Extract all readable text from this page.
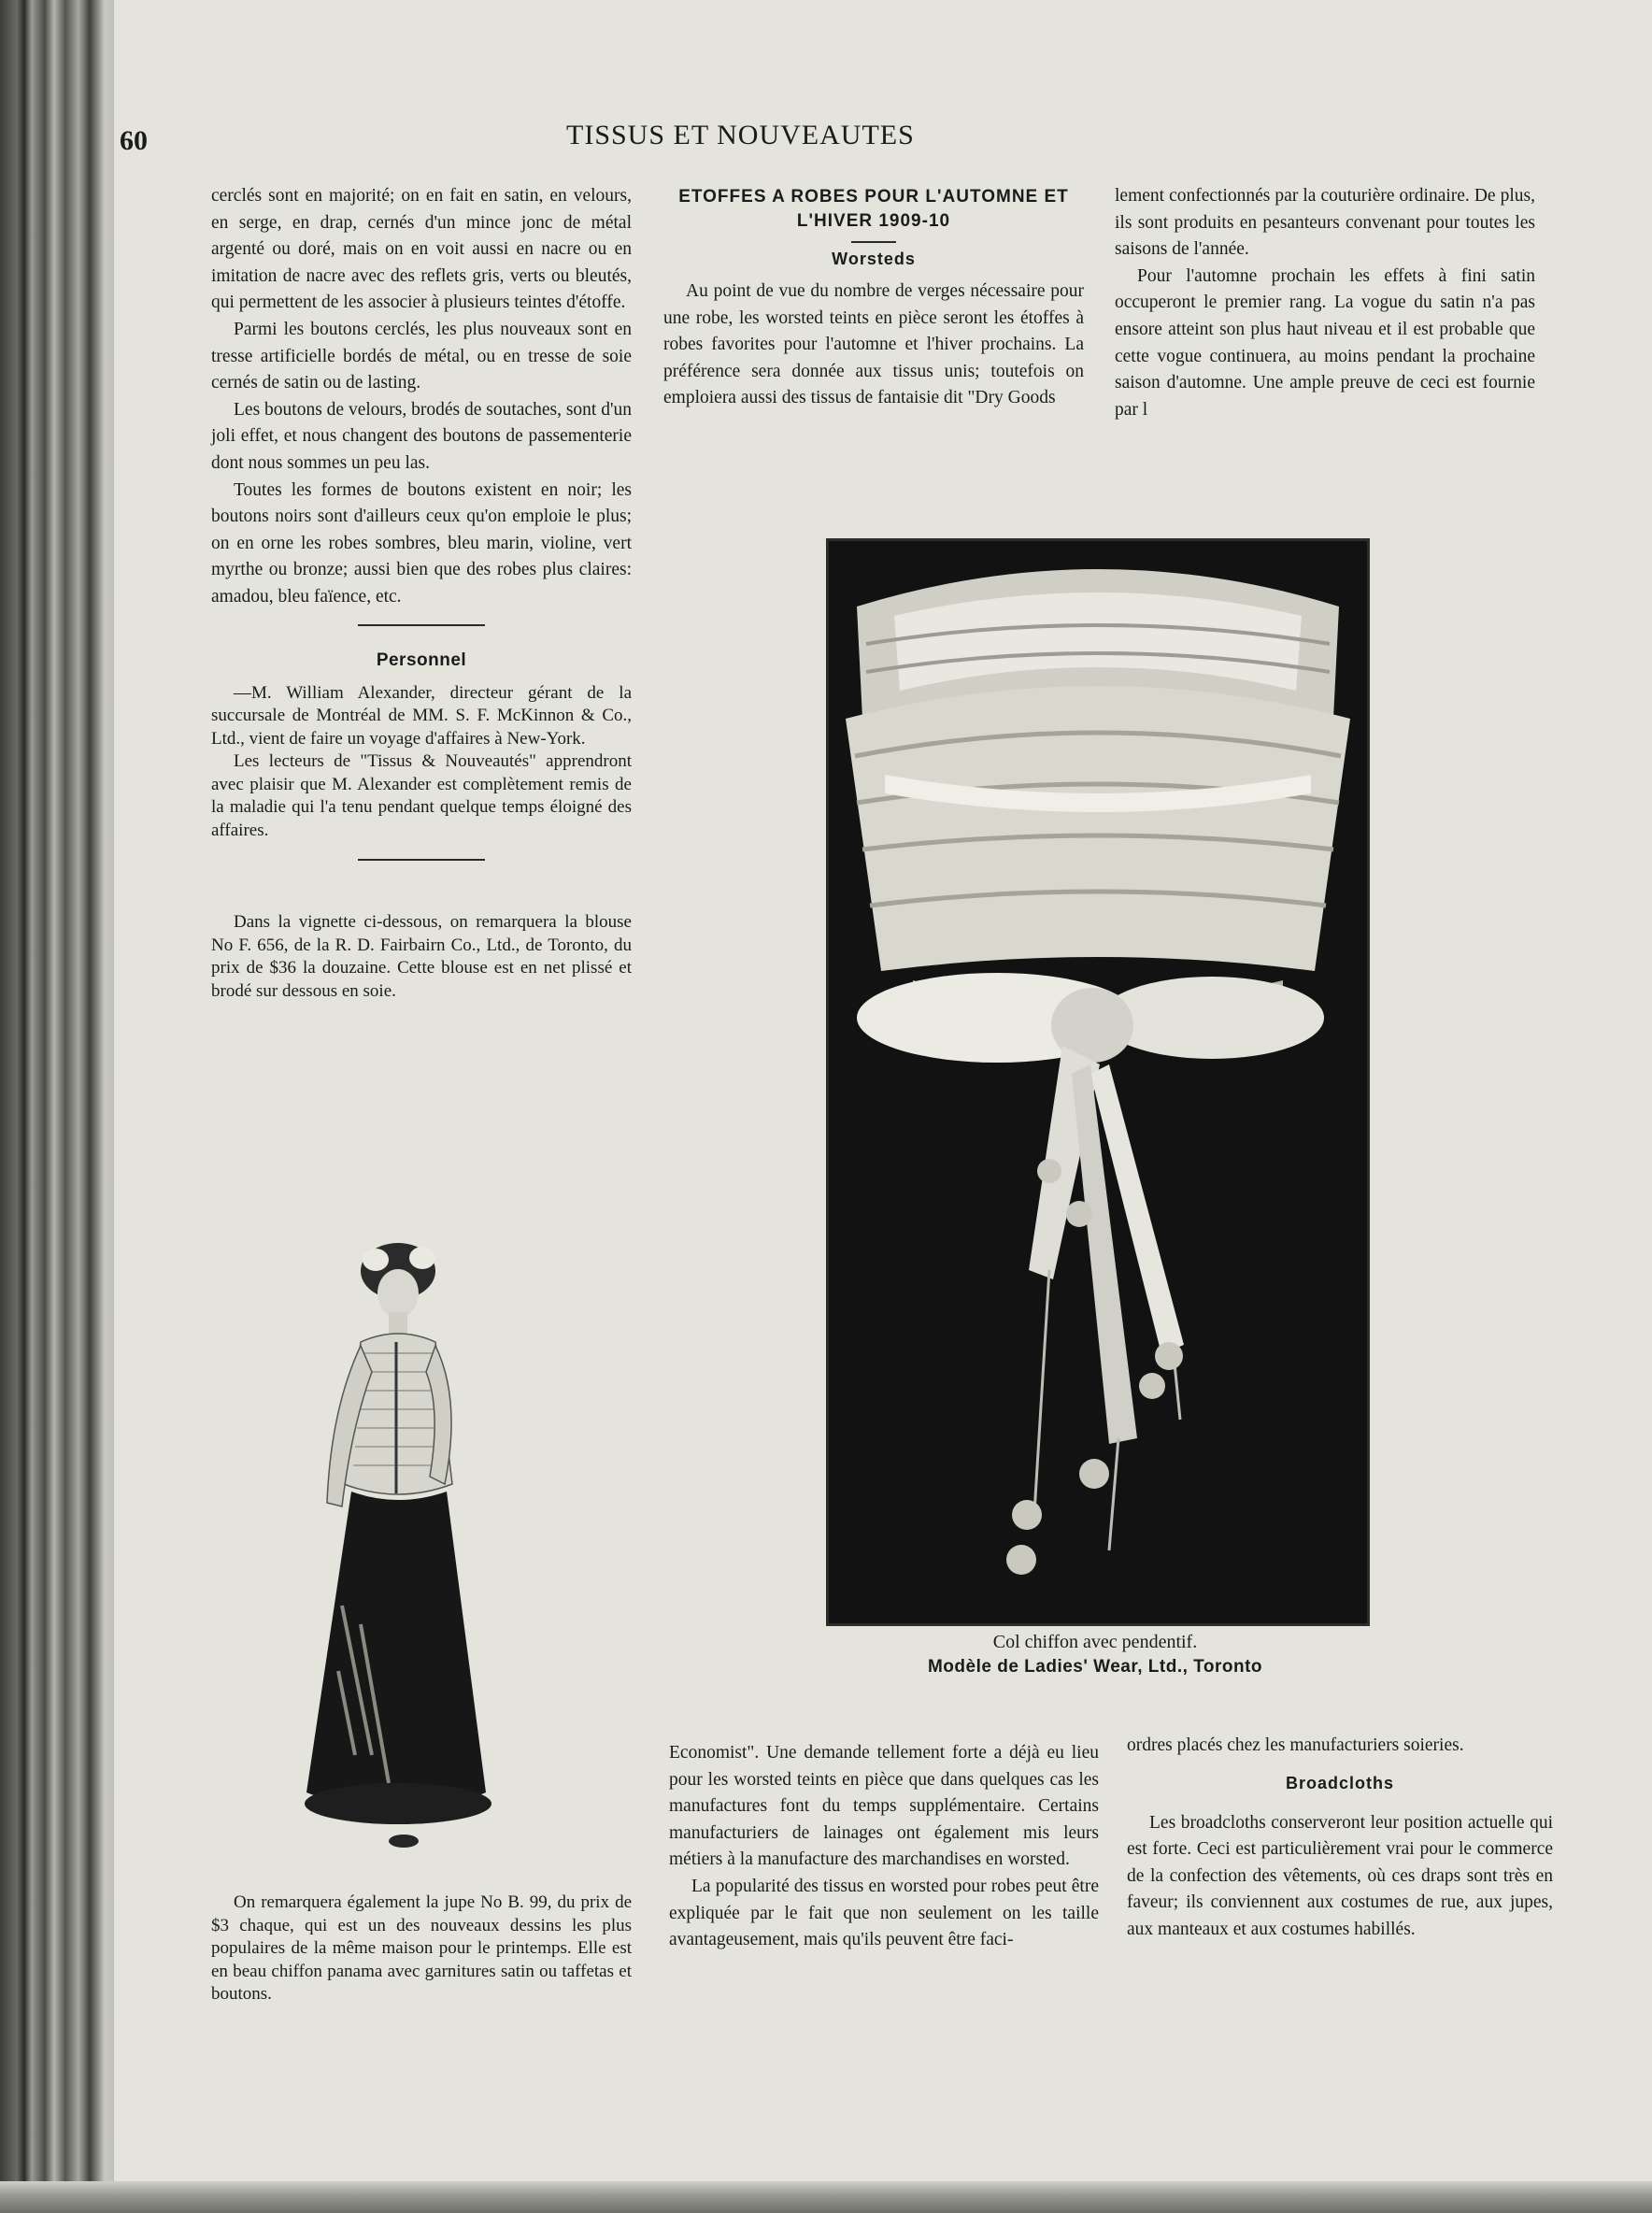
60	TISSUS ET NOUVEAUTES

cerclés sont en majorité; on en fait en satin, en velours, en serge, en drap, cernés d'un mince jonc de métal argenté ou doré, mais on en voit aussi en nacre ou en imitation de nacre avec des reflets gris, verts ou bleutés, qui permettent de les associer à plusieurs teintes d'étoffe.

Parmi les boutons cerclés, les plus nouveaux sont en tresse artificielle bordés de métal, ou en tresse de soie cernés de satin ou de lasting.

Les boutons de velours, brodés de soutaches, sont d'un joli effet, et nous changent des boutons de passementerie dont nous sommes un peu las.

Toutes les formes de boutons existent en noir; les boutons noirs sont d'ailleurs ceux qu'on emploie le plus; on en orne les robes sombres, bleu marin, violine, vert myrthe ou bronze; aussi bien que des robes plus claires: amadou, bleu faïence, etc.

Personnel

—M. William Alexander, directeur gérant de la succursale de Montréal de MM. S. F. McKinnon & Co., Ltd., vient de faire un voyage d'affaires à New-York.

Les lecteurs de "Tissus & Nouveautés" apprendront avec plaisir que M. Alexander est complètement remis de la maladie qui l'a tenu pendant quelque temps éloigné des affaires.

Dans la vignette ci-dessous, on remarquera la blouse No F. 656, de la R. D. Fairbairn Co., Ltd., de Toronto, du prix de $36 la douzaine. Cette blouse est en net plissé et brodé sur dessous en soie.

On remarquera également la jupe No B. 99, du prix de $3 chaque, qui est un des nouveaux dessins les plus populaires de la même maison pour le printemps. Elle est en beau chiffon panama avec garnitures satin ou taffetas et boutons.

ETOFFES A ROBES POUR L'AUTOMNE ET L'HIVER 1909-10
Worsteds

Au point de vue du nombre de verges nécessaire pour une robe, les worsted teints en pièce seront les étoffes à robes favorites pour l'automne et l'hiver prochains. La préférence sera donnée aux tissus unis; toutefois on emploiera aussi des tissus de fantaisie dit "Dry Goods

lement confectionnés par la couturière ordinaire. De plus, ils sont produits en pesanteurs convenant pour toutes les saisons de l'année.

Pour l'automne prochain les effets à fini satin occuperont le premier rang. La vogue du satin n'a pas ensore atteint son plus haut niveau et il est probable que cette vogue continuera, au moins pendant la prochaine saison d'automne. Une ample preuve de ceci est fournie par l

Col chiffon avec pendentif.
Modèle de Ladies' Wear, Ltd., Toronto

Economist". Une demande tellement forte a déjà eu lieu pour les worsted teints en pièce que dans quelques cas les manufactures font du temps supplémentaire. Certains manufacturiers de lainages ont également mis leurs métiers à la manufacture des marchandises en worsted.

La popularité des tissus en worsted pour robes peut être expliquée par le fait que non seulement on les taille avantageusement, mais qu'ils peuvent être faci-

ordres placés chez les manufacturiers soieries.

Broadcloths

Les broadcloths conserveront leur position actuelle qui est forte. Ceci est particulièrement vrai pour le commerce de la confection des vêtements, où ces draps sont très en faveur; ils conviennent aux costumes de rue, aux jupes, aux manteaux et aux costumes habillés.
